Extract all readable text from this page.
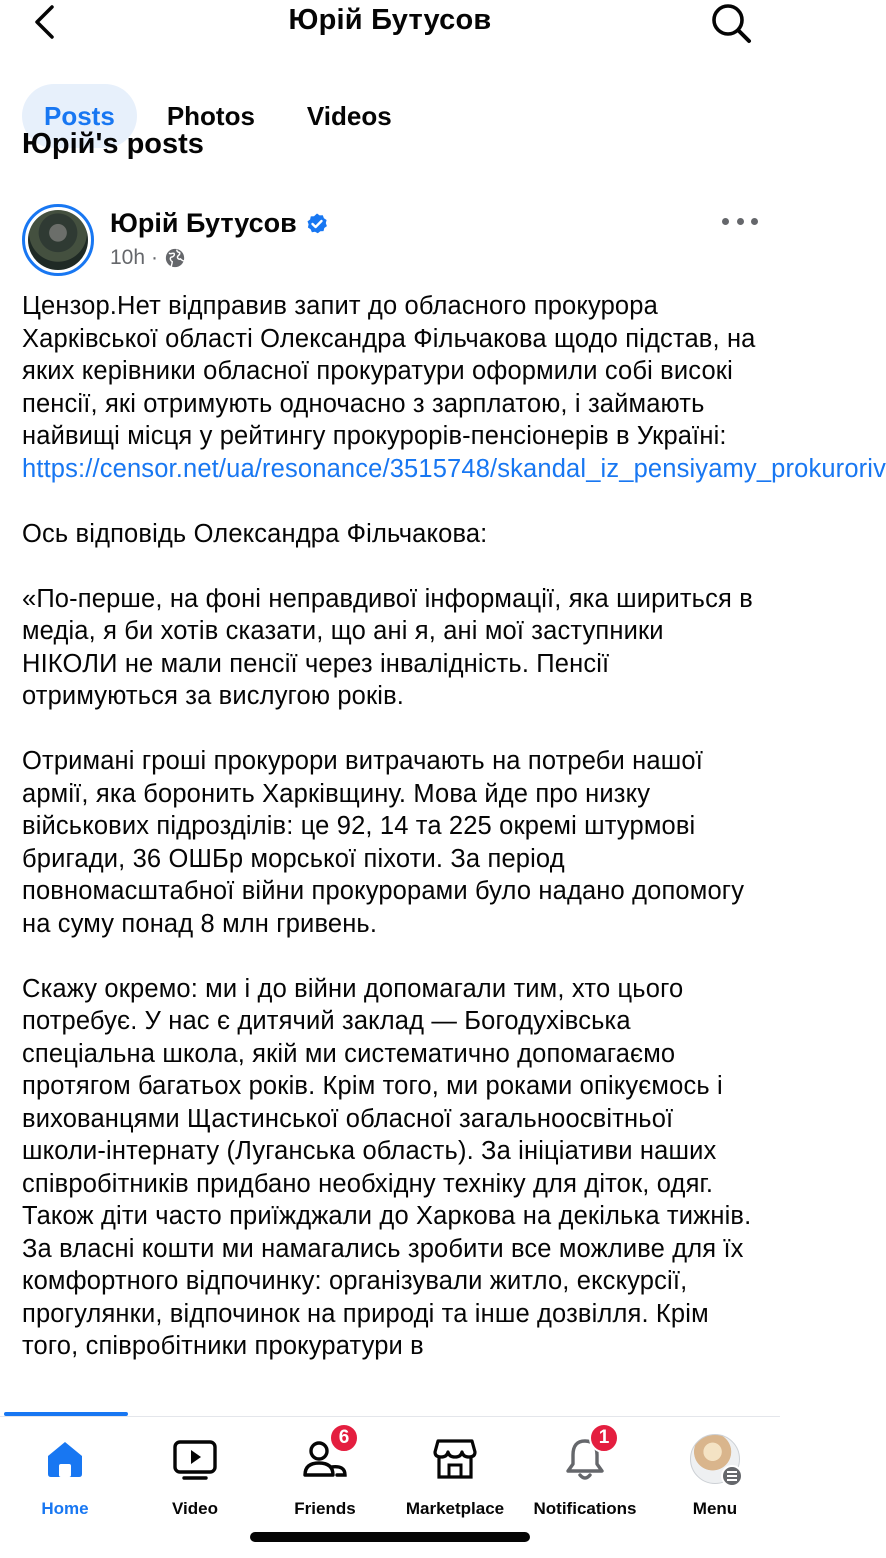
Юрій Бутусов
Posts	Photos	Videos
Юрій's posts
Юрій Бутусов
10h ·

Цензор.Нет відправив запит до обласного прокурора Харківської області Олександра Фільчакова щодо підстав, на яких керівники обласної прокуратури оформили собі високі пенсії, які отримують одночасно з зарплатою, і займають найвищі місця у рейтингу прокурорів-пенсіонерів в Україні: https://censor.net/ua/resonance/3515748/skandal_iz_pensiyamy_prokuroriv

Ось відповідь Олександра Фільчакова:

«По-перше, на фоні неправдивої інформації, яка шириться в медіа, я би хотів сказати, що ані я, ані мої заступники НІКОЛИ не мали пенсії через інвалідність. Пенсії отримуються за вислугою років.

Отримані гроші прокурори витрачають на потреби нашої армії, яка боронить Харківщину. Мова йде про низку військових підрозділів: це 92, 14 та 225 окремі штурмові бригади, 36 ОШБр морської піхоти. За період повномасштабної війни прокурорами було надано допомогу на суму понад 8 млн гривень.

Скажу окремо: ми і до війни допомагали тим, хто цього потребує. У нас є дитячий заклад — Богодухівська спеціальна школа, якій ми систематично допомагаємо протягом багатьох років. Крім того, ми роками опікуємось і вихованцями Щастинської обласної загальноосвітньої школи-інтернату (Луганська область). За ініціативи наших співробітників придбано необхідну техніку для діток, одяг. Також діти часто приїжджали до Харкова на декілька тижнів. За власні кошти ми намагались зробити все можливе для їх комфортного відпочинку: організували житло, екскурсії, прогулянки, відпочинок на природі та інше дозвілля. Крім того, співробітники прокуратури в

Home	Video
6
Friends	Marketplace
1
Notifications	Menu
